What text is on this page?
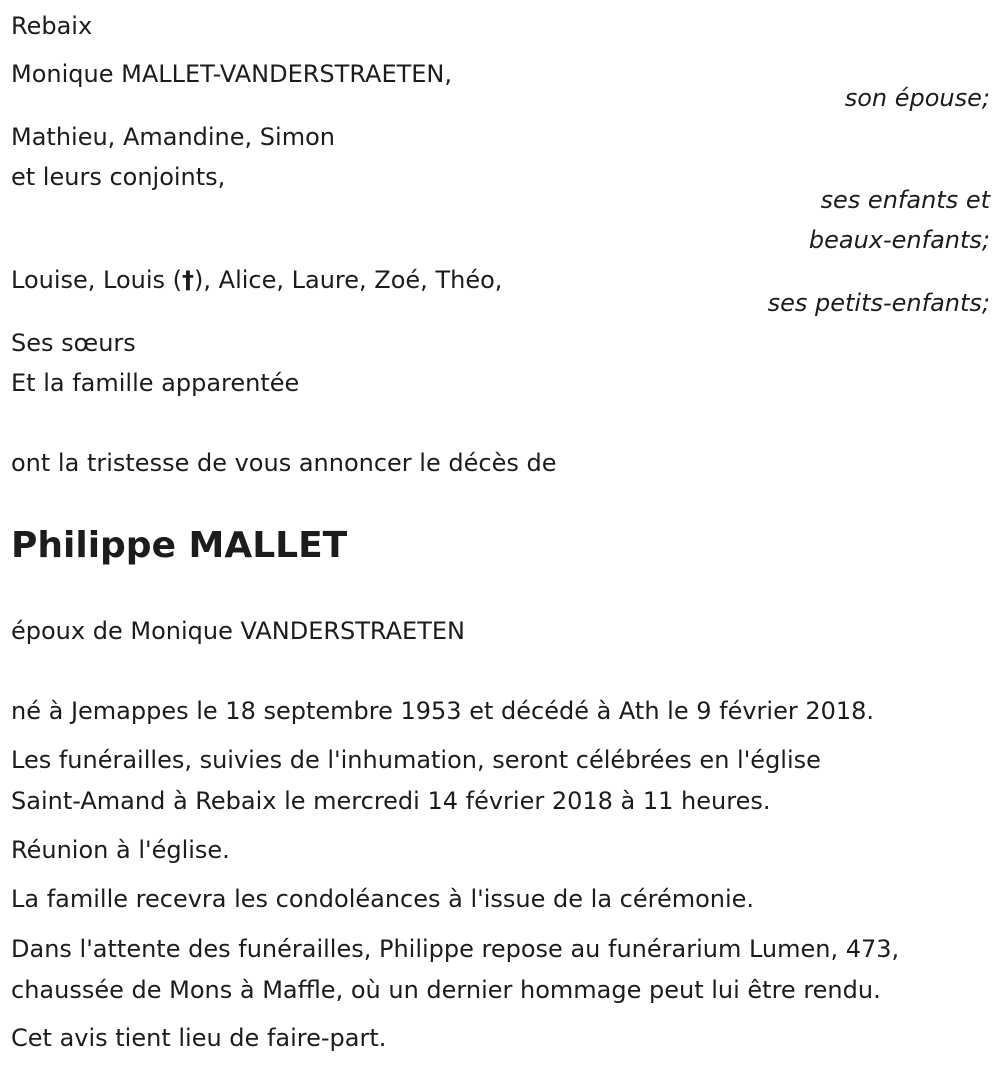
Rebaix
Monique MALLET-VANDERSTRAETEN,
son épouse;
Mathieu, Amandine, Simon
et leurs conjoints,
ses enfants et
beaux-enfants;
Louise, Louis (†), Alice, Laure, Zoé, Théo,
ses petits-enfants;
Ses sœurs
Et la famille apparentée
ont la tristesse de vous annoncer le décès de
Philippe MALLET
époux de Monique VANDERSTRAETEN
né à Jemappes le 18 septembre 1953 et décédé à Ath le 9 février 2018.
Les funérailles, suivies de l'inhumation, seront célébrées en l'église
Saint-Amand à Rebaix le mercredi 14 février 2018 à 11 heures.
Réunion à l'église.
La famille recevra les condoléances à l'issue de la cérémonie.
Dans l'attente des funérailles, Philippe repose au funérarium Lumen, 473,
chaussée de Mons à Maffle, où un dernier hommage peut lui être rendu.
Cet avis tient lieu de faire-part.
